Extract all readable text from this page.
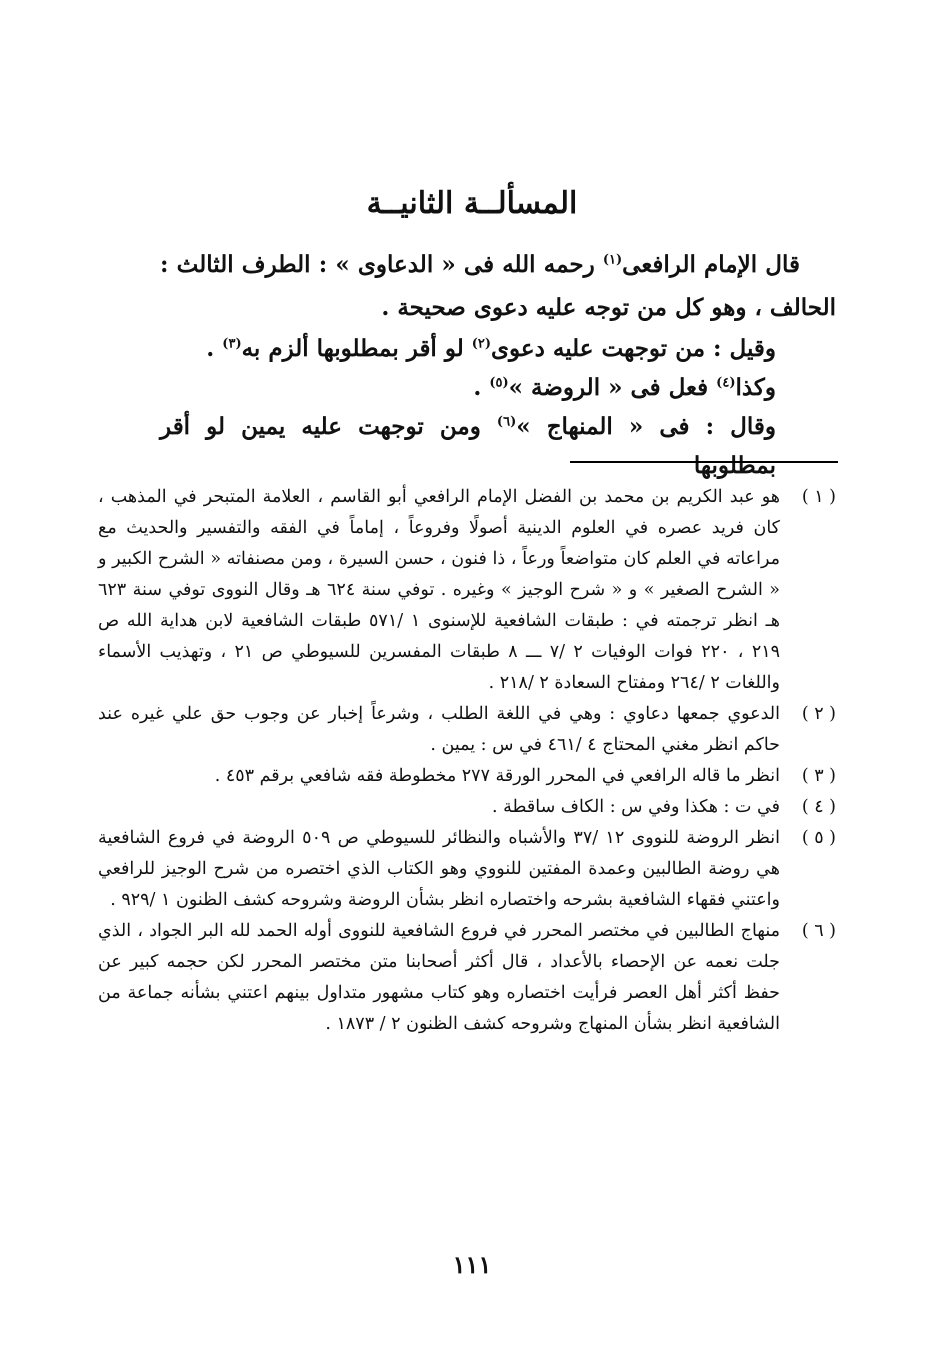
المسألــة الثانيــة

قال الإمام الرافعى$^{(١)}$ رحمه الله فى « الدعاوى » : الطرف الثالث : الحالف ، وهو كل من توجه عليه دعوى صحيحة .

وقيل : من توجهت عليه دعوى$^{(٢)}$ لو أقر بمطلوبها ألزم به$^{(٣)}$ .

وكذا$^{(٤)}$ فعل فى « الروضة »$^{(٥)}$ .

وقال : فى « المنهاج »$^{(٦)}$ ومن توجهت عليه يمين لو أقر بمطلوبها

( ١ )
هو عبد الكريم بن محمد بن الفضل الإمام الرافعي أبو القاسم ، العلامة المتبحر في المذهب ، كان فريد عصره في العلوم الدينية أصولًا وفروعاً ، إماماً في الفقه والتفسير والحديث مع مراعاته في العلم كان متواضعاً ورعاً ، ذا فنون ، حسن السيرة ، ومن مصنفاته « الشرح الكبير و « الشرح الصغير » و « شرح الوجيز » وغيره . توفي سنة ٦٢٤ هـ وقال النووى توفي سنة ٦٢٣ هـ انظر ترجمته في : طبقات الشافعية للإسنوى ١ /٥٧١ طبقات الشافعية لابن هداية الله ص ٢١٩ ، ٢٢٠ فوات الوفيات ٢ /٧ ـــ ٨ طبقات المفسرين للسيوطي ص ٢١ ، وتهذيب الأسماء واللغات ٢ /٢٦٤ ومفتاح السعادة ٢ /٢١٨ .
( ٢ )
الدعوي جمعها دعاوي : وهي في اللغة الطلب ، وشرعاً إخبار عن وجوب حق علي غيره عند حاكم انظر مغني المحتاج ٤ /٤٦١ في س : يمين .
( ٣ )
انظر ما قاله الرافعي في المحرر الورقة ٢٧٧ مخطوطة فقه شافعي برقم ٤٥٣ .
( ٤ )
في ت : هكذا وفي س : الكاف ساقطة .
( ٥ )
انظر الروضة للنووى ١٢ /٣٧ والأشباه والنظائر للسيوطي ص ٥٠٩ الروضة في فروع الشافعية هي روضة الطالبين وعمدة المفتين للنووي وهو الكتاب الذي اختصره من شرح الوجيز للرافعي واعتني فقهاء الشافعية بشرحه واختصاره انظر بشأن الروضة وشروحه كشف الظنون ١ /٩٢٩ .
( ٦ )
منهاج الطالبين في مختصر المحرر في فروع الشافعية للنووى أوله الحمد لله البر الجواد ، الذي جلت نعمه عن الإحصاء بالأعداد ، قال أكثر أصحابنا متن مختصر المحرر لكن حجمه كبير عن حفظ أكثر أهل العصر فرأيت اختصاره وهو كتاب مشهور متداول بينهم اعتني بشأنه جماعة من الشافعية انظر بشأن المنهاج وشروحه كشف الظنون ٢ / ١٨٧٣ .
١١١
